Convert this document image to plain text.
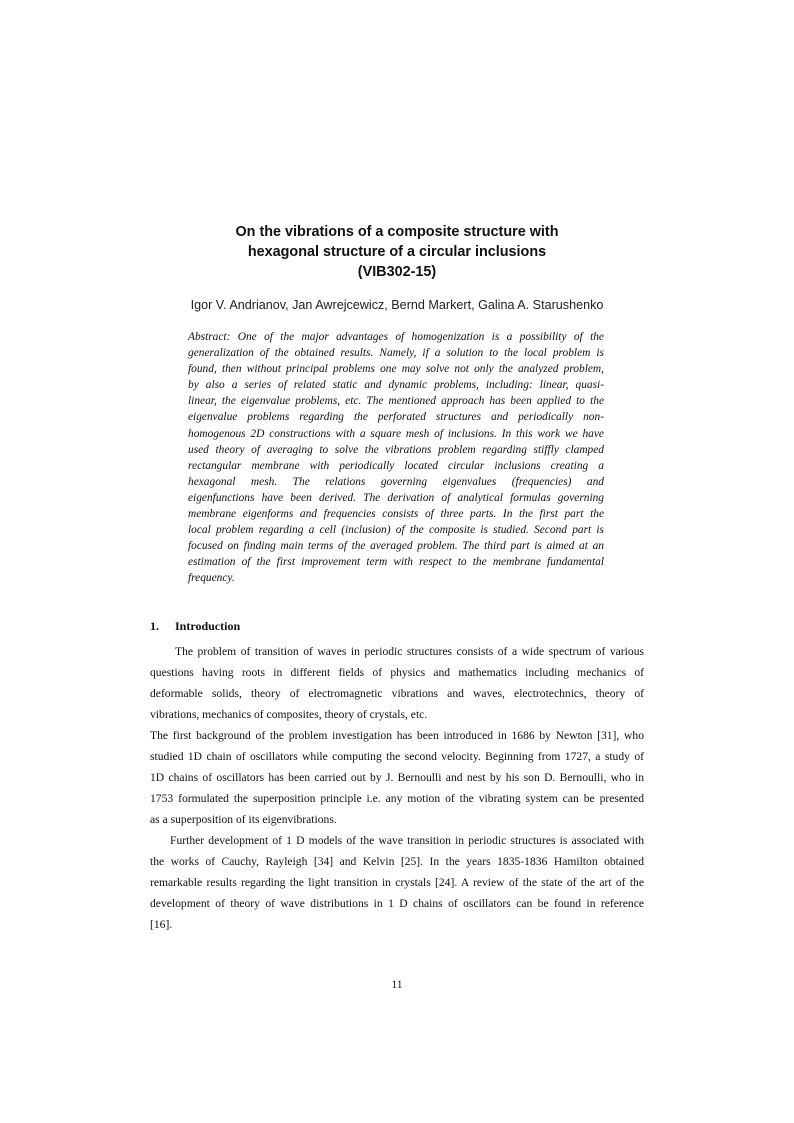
On the vibrations of a composite structure with
hexagonal structure of a circular inclusions
(VIB302-15)
Igor V. Andrianov, Jan Awrejcewicz, Bernd Markert, Galina A. Starushenko
Abstract: One of the major advantages of homogenization is a possibility of the
generalization of the obtained results. Namely, if a solution to the local problem is
found, then without principal problems one may solve not only the analyzed problem,
by also a series of related static and dynamic problems, including: linear, quasi-
linear, the eigenvalue problems, etc. The mentioned approach has been applied to the
eigenvalue problems regarding the perforated structures and periodically non-
homogenous 2D constructions with a square mesh of inclusions. In this work we have
used theory of averaging to solve the vibrations problem regarding stiffly clamped
rectangular membrane with periodically located circular inclusions creating a
hexagonal mesh. The relations governing eigenvalues (frequencies) and
eigenfunctions have been derived. The derivation of analytical formulas governing
membrane eigenforms and frequencies consists of three parts. In the first part the
local problem regarding a cell (inclusion) of the composite is studied. Second part is
focused on finding main terms of the averaged problem. The third part is aimed at an
estimation of the first improvement term with respect to the membrane fundamental
frequency.
1. Introduction
The problem of transition of waves in periodic structures consists of a wide spectrum of various
questions having roots in different fields of physics and mathematics including mechanics of
deformable solids, theory of electromagnetic vibrations and waves, electrotechnics, theory of
vibrations, mechanics of composites, theory of crystals, etc.
The first background of the problem investigation has been introduced in 1686 by Newton [31], who
studied 1D chain of oscillators while computing the second velocity. Beginning from 1727, a study of
1D chains of oscillators has been carried out by J. Bernoulli and nest by his son D. Bernoulli, who in
1753 formulated the superposition principle i.e. any motion of the vibrating system can be presented
as a superposition of its eigenvibrations.
Further development of 1 D models of the wave transition in periodic structures is associated with
the works of Cauchy, Rayleigh [34] and Kelvin [25]. In the years 1835-1836 Hamilton obtained
remarkable results regarding the light transition in crystals [24]. A review of the state of the art of the
development of theory of wave distributions in 1 D chains of oscillators can be found in reference
[16].
11
